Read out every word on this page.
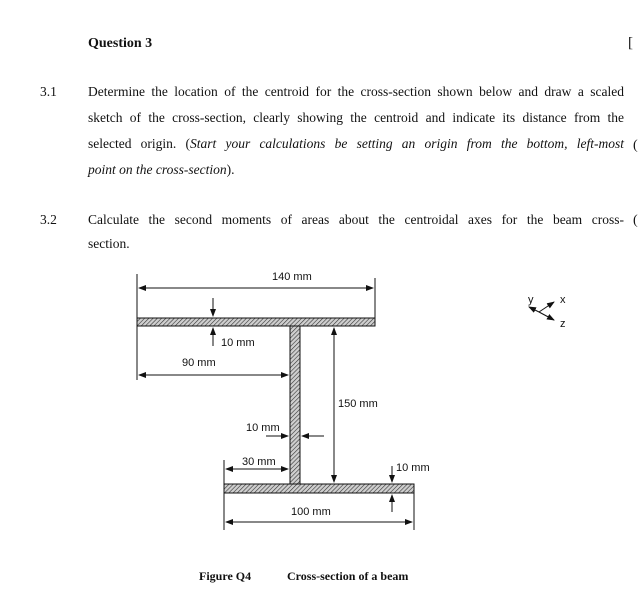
Question 3	[
3.1 Determine the location of the centroid for the cross-section shown below and draw a scaled
sketch of the cross-section, clearly showing the centroid and indicate its distance from the
selected origin. (Start your calculations be setting an origin from the bottom, left-most (
point on the cross-section).
3.2 Calculate the second moments of areas about the centroidal axes for the beam cross- (
section.
140 mm
10 mm
90 mm
150 mm
10 mm
30 mm	10 mm
100 mm
y x
z
Figure Q4	Cross-section of a beam
